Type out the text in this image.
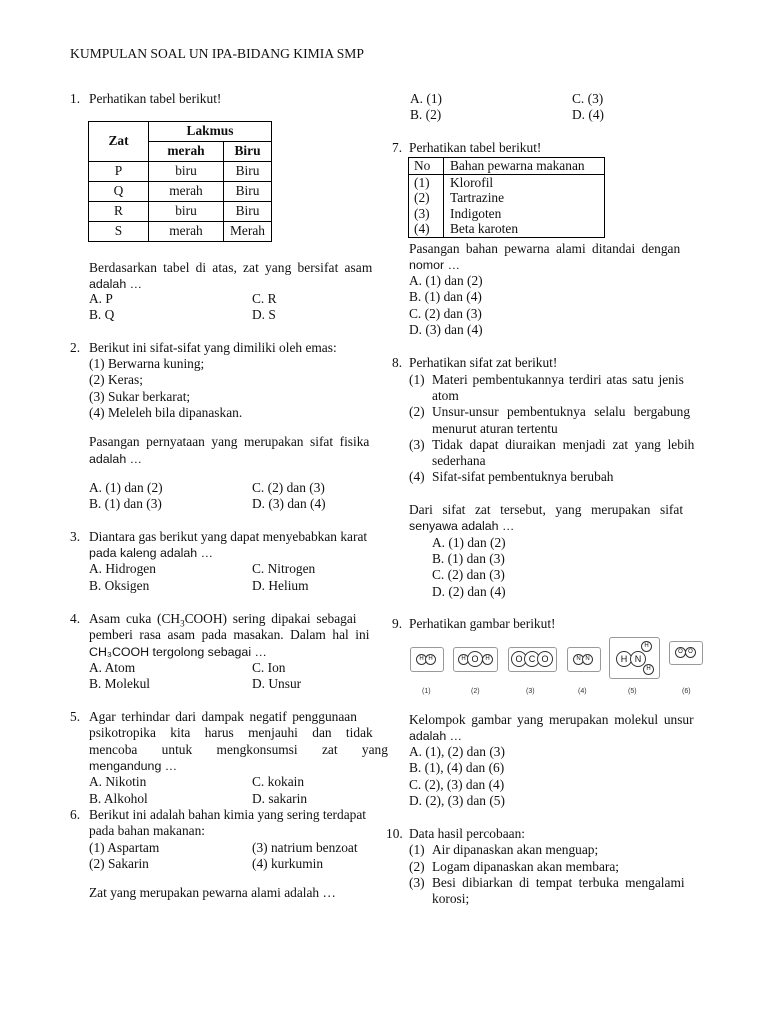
KUMPULAN SOAL UN IPA-BIDANG KIMIA SMP
1. Perhatikan tabel berikut!
Zat	Lakmus	
	merah	Biru
P	biru	Biru
Q	merah	Biru
R	biru	Biru
S	merah	Merah
Berdasarkan tabel di atas, zat yang bersifat asam
adalah …
A. P	C. R
B. Q	D. S
2. Berikut ini sifat-sifat yang dimiliki oleh emas:
(1) Berwarna kuning;
(2) Keras;
(3) Sukar berkarat;
(4) Meleleh bila dipanaskan.
Pasangan pernyataan yang merupakan sifat fisika
adalah …
A. (1) dan (2)	C. (2) dan (3)
B. (1) dan (3)	D. (3) dan (4)
3. Diantara gas berikut yang dapat menyebabkan karat
pada kaleng adalah …
A. Hidrogen	C. Nitrogen
B. Oksigen	D. Helium
4. Asam cuka $(CH_3COOH)$ sering dipakai sebagai
pemberi rasa asam pada masakan. Dalam hal ini
CH₃COOH tergolong sebagai …
A. Atom	C. Ion
B. Molekul	D. Unsur
5. Agar terhindar dari dampak negatif penggunaan
psikotropika kita harus menjauhi dan tidak
mencoba untuk mengkonsumsi zat yang
mengandung …
A. Nikotin	C. kokain
B. Alkohol	D. sakarin
6. Berikut ini adalah bahan kimia yang sering terdapat
pada bahan makanan:
(1) Aspartam	(3) natrium benzoat
(2) Sakarin	(4) kurkumin
Zat yang merupakan pewarna alami adalah …
A. (1)	C. (3)
B. (2)	D. (4)
7. Perhatikan tabel berikut!
No	Bahan pewarna makanan
(1)	Klorofil
(2)	Tartrazine
(3)	Indigoten
(4)	Beta karoten
Pasangan bahan pewarna alami ditandai dengan
nomor …
A. (1) dan (2)
B. (1) dan (4)
C. (2) dan (3)
D. (3) dan (4)
8. Perhatikan sifat zat berikut!
(1) Materi pembentukannya terdiri atas satu jenis
atom
(2) Unsur-unsur pembentuknya selalu bergabung
menurut aturan tertentu
(3) Tidak dapat diuraikan menjadi zat yang lebih
sederhana
(4) Sifat-sifat pembentuknya berubah
Dari sifat zat tersebut, yang merupakan sifat
senyawa adalah …
A. (1) dan (2)
B. (1) dan (3)
C. (2) dan (3)
D. (2) dan (4)
9. Perhatikan gambar berikut!
H H	H O	H	O C O	N N
H
H N
H
O O
(1)	(2)	(3)	(4)	(5)	(6)
Kelompok gambar yang merupakan molekul unsur
adalah …
A. (1), (2) dan (3)
B. (1), (4) dan (6)
C. (2), (3) dan (4)
D. (2), (3) dan (5)
10. Data hasil percobaan:
(1) Air dipanaskan akan menguap;
(2) Logam dipanaskan akan membara;
(3) Besi dibiarkan di tempat terbuka mengalami
korosi;
